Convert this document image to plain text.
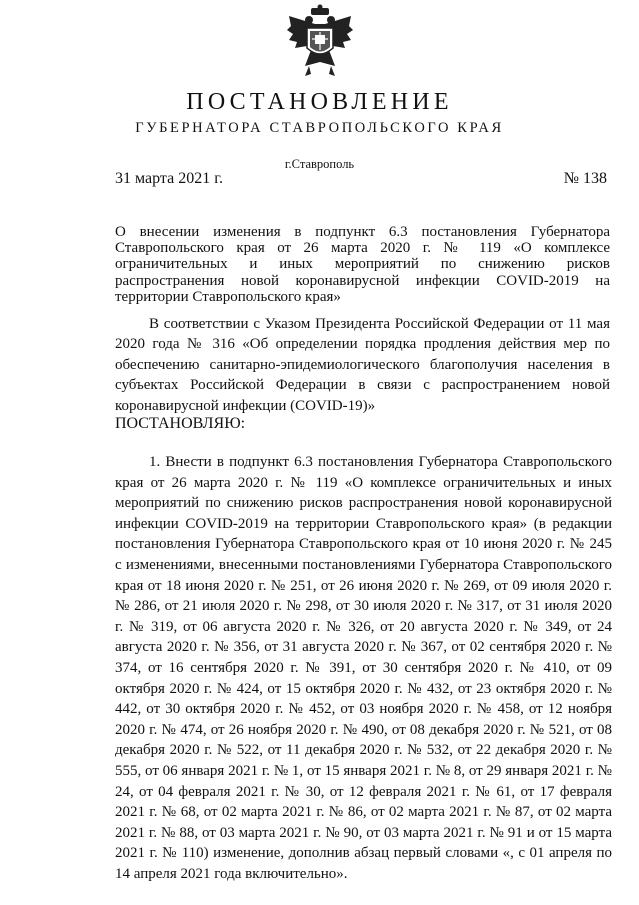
ПОСТАНОВЛЕНИЕ
ГУБЕРНАТОРА СТАВРОПОЛЬСКОГО КРАЯ
г.Ставрополь
31 марта 2021 г.	№ 138

О внесении изменения в подпункт 6.3 постановления Губернатора Ставропольского края от 26 марта 2020 г. № 119 «О комплексе ограничительных и иных мероприятий по снижению рисков распространения новой коронавирусной инфекции COVID-2019 на территории Ставропольского края»

В соответствии с Указом Президента Российской Федерации от 11 мая 2020 года № 316 «Об определении порядка продления действия мер по обеспечению санитарно-эпидемиологического благополучия населения в субъектах Российской Федерации в связи с распространением новой коронавирусной инфекции (COVID-19)»

ПОСТАНОВЛЯЮ:

1. Внести в подпункт 6.3 постановления Губернатора Ставропольского края от 26 марта 2020 г. № 119 «О комплексе ограничительных и иных мероприятий по снижению рисков распространения новой коронавирусной инфекции COVID-2019 на территории Ставропольского края» (в редакции постановления Губернатора Ставропольского края от 10 июня 2020 г. № 245 с изменениями, внесенными постановлениями Губернатора Ставропольского края от 18 июня 2020 г. № 251, от 26 июня 2020 г. № 269, от 09 июля 2020 г. № 286, от 21 июля 2020 г. № 298, от 30 июля 2020 г. № 317, от 31 июля 2020 г. № 319, от 06 августа 2020 г. № 326, от 20 августа 2020 г. № 349, от 24 августа 2020 г. № 356, от 31 августа 2020 г. № 367, от 02 сентября 2020 г. № 374, от 16 сентября 2020 г. № 391, от 30 сентября 2020 г. № 410, от 09 октября 2020 г. № 424, от 15 октября 2020 г. № 432, от 23 октября 2020 г. № 442, от 30 октября 2020 г. № 452, от 03 ноября 2020 г. № 458, от 12 ноября 2020 г. № 474, от 26 ноября 2020 г. № 490, от 08 декабря 2020 г. № 521, от 08 декабря 2020 г. № 522, от 11 декабря 2020 г. № 532, от 22 декабря 2020 г. № 555, от 06 января 2021 г. № 1, от 15 января 2021 г. № 8, от 29 января 2021 г. № 24, от 04 февраля 2021 г. № 30, от 12 февраля 2021 г. № 61, от 17 февраля 2021 г. № 68, от 02 марта 2021 г. № 86, от 02 марта 2021 г. № 87, от 02 марта 2021 г. № 88, от 03 марта 2021 г. № 90, от 03 марта 2021 г. № 91 и от 15 марта 2021 г. № 110) изменение, дополнив абзац первый словами «, с 01 апреля по 14 апреля 2021 года включительно».
